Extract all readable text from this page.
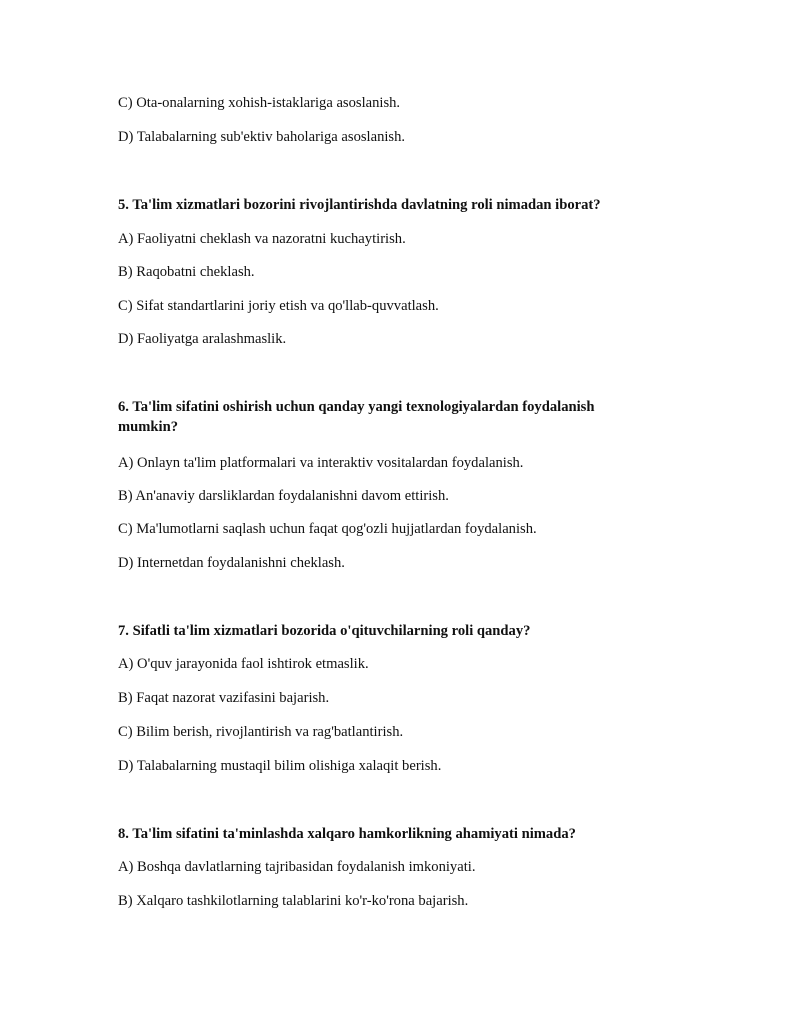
C) Ota-onalarning xohish-istaklariga asoslanish.
D) Talabalarning sub'ektiv baholariga asoslanish.
5. Ta'lim xizmatlari bozorini rivojlantirishda davlatning roli nimadan iborat?
A) Faoliyatni cheklash va nazoratni kuchaytirish.
B) Raqobatni cheklash.
C) Sifat standartlarini joriy etish va qo'llab-quvvatlash.
D) Faoliyatga aralashmaslik.
6. Ta'lim sifatini oshirish uchun qanday yangi texnologiyalardan foydalanish mumkin?
A) Onlayn ta'lim platformalari va interaktiv vositalardan foydalanish.
B) An'anaviy darsliklardan foydalanishni davom ettirish.
C) Ma'lumotlarni saqlash uchun faqat qog'ozli hujjatlardan foydalanish.
D) Internetdan foydalanishni cheklash.
7. Sifatli ta'lim xizmatlari bozorida o'qituvchilarning roli qanday?
A) O'quv jarayonida faol ishtirok etmaslik.
B) Faqat nazorat vazifasini bajarish.
C) Bilim berish, rivojlantirish va rag'batlantirish.
D) Talabalarning mustaqil bilim olishiga xalaqit berish.
8. Ta'lim sifatini ta'minlashda xalqaro hamkorlikning ahamiyati nimada?
A) Boshqa davlatlarning tajribasidan foydalanish imkoniyati.
B) Xalqaro tashkilotlarning talablarini ko'r-ko'rona bajarish.
